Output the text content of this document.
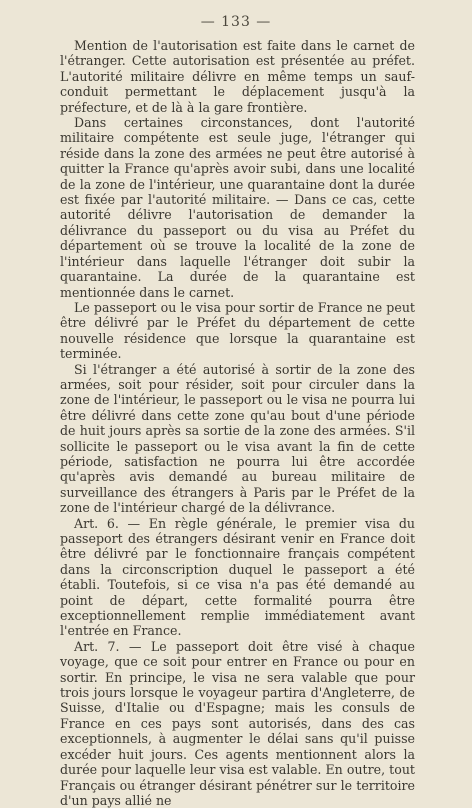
— 133 —

Mention de l'autorisation est faite dans le carnet de l'étranger. Cette autorisation est présentée au préfet. L'autorité militaire délivre en même temps un sauf-conduit permettant le déplacement jusqu'à la préfecture, et de là à la gare frontière.

Dans certaines circonstances, dont l'autorité militaire compétente est seule juge, l'étranger qui réside dans la zone des armées ne peut être autorisé à quitter la France qu'après avoir subi, dans une localité de la zone de l'intérieur, une quarantaine dont la durée est fixée par l'autorité militaire. — Dans ce cas, cette autorité délivre l'autorisation de demander la délivrance du passeport ou du visa au Préfet du département où se trouve la localité de la zone de l'intérieur dans laquelle l'étranger doit subir la quarantaine. La durée de la quarantaine est mentionnée dans le carnet.

Le passeport ou le visa pour sortir de France ne peut être délivré par le Préfet du département de cette nouvelle résidence que lorsque la quarantaine est terminée.

Si l'étranger a été autorisé à sortir de la zone des armées, soit pour résider, soit pour circuler dans la zone de l'intérieur, le passeport ou le visa ne pourra lui être délivré dans cette zone qu'au bout d'une période de huit jours après sa sortie de la zone des armées. S'il sollicite le passeport ou le visa avant la fin de cette période, satisfaction ne pourra lui être accordée qu'après avis demandé au bureau militaire de surveillance des étrangers à Paris par le Préfet de la zone de l'intérieur chargé de la délivrance.

Art. 6. — En règle générale, le premier visa du passeport des étrangers désirant venir en France doit être délivré par le fonctionnaire français compétent dans la circonscription duquel le passeport a été établi. Toutefois, si ce visa n'a pas été demandé au point de départ, cette formalité pourra être exceptionnellement remplie immédiatement avant l'entrée en France.

Art. 7. — Le passeport doit être visé à chaque voyage, que ce soit pour entrer en France ou pour en sortir. En principe, le visa ne sera valable que pour trois jours lorsque le voyageur partira d'Angleterre, de Suisse, d'Italie ou d'Espagne; mais les consuls de France en ces pays sont autorisés, dans des cas exceptionnels, à augmenter le délai sans qu'il puisse excéder huit jours. Ces agents mentionnent alors la durée pour laquelle leur visa est valable. En outre, tout Français ou étranger désirant pénétrer sur le territoire d'un pays allié ne
